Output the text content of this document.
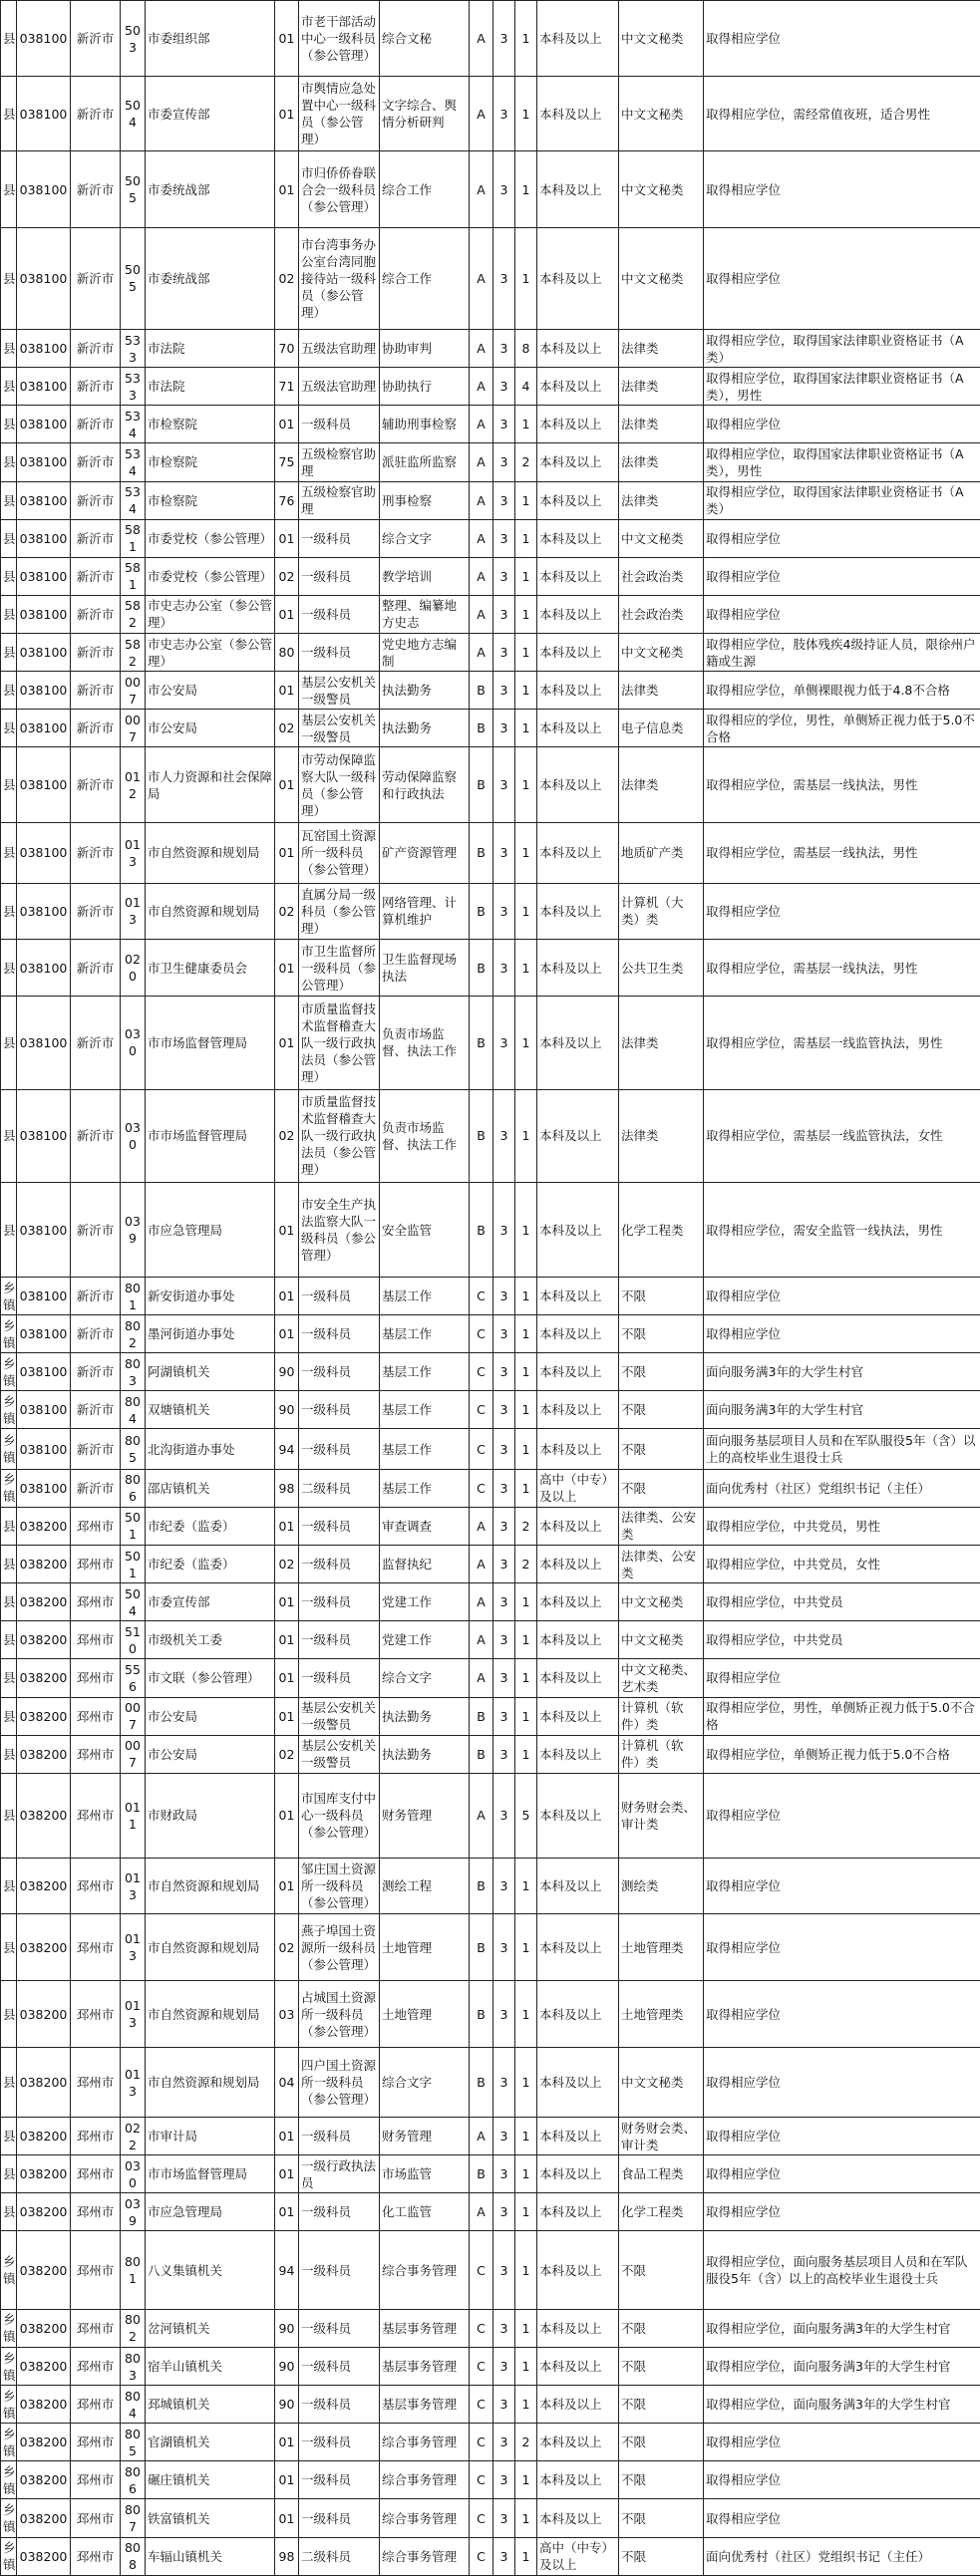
县	038100	新沂市	503	市委组织部	01	市老干部活动中心一级科员（参公管理）	综合文秘	A	3	1	本科及以上	中文文秘类	取得相应学位
县	038100	新沂市	504	市委宣传部	01	市舆情应急处置中心一级科员（参公管理）	文字综合、舆情分析研判	A	3	1	本科及以上	中文文秘类	取得相应学位，需经常值夜班，适合男性
县	038100	新沂市	505	市委统战部	01	市归侨侨眷联合会一级科员（参公管理）	综合工作	A	3	1	本科及以上	中文文秘类	取得相应学位
县	038100	新沂市	505	市委统战部	02	市台湾事务办公室台湾同胞接待站一级科员（参公管理）	综合工作	A	3	1	本科及以上	中文文秘类	取得相应学位
县	038100	新沂市	533	市法院	70	五级法官助理	协助审判	A	3	8	本科及以上	法律类	取得相应学位，取得国家法律职业资格证书（A类）
县	038100	新沂市	533	市法院	71	五级法官助理	协助执行	A	3	4	本科及以上	法律类	取得相应学位，取得国家法律职业资格证书（A类），男性
县	038100	新沂市	534	市检察院	01	一级科员	辅助刑事检察	A	3	1	本科及以上	法律类	取得相应学位
县	038100	新沂市	534	市检察院	75	五级检察官助理	派驻监所监察	A	3	2	本科及以上	法律类	取得相应学位，取得国家法律职业资格证书（A类），男性
县	038100	新沂市	534	市检察院	76	五级检察官助理	刑事检察	A	3	1	本科及以上	法律类	取得相应学位，取得国家法律职业资格证书（A类）
县	038100	新沂市	581	市委党校（参公管理）	01	一级科员	综合文字	A	3	1	本科及以上	中文文秘类	取得相应学位
县	038100	新沂市	581	市委党校（参公管理）	02	一级科员	教学培训	A	3	1	本科及以上	社会政治类	取得相应学位
县	038100	新沂市	582	市史志办公室（参公管理）	01	一级科员	整理、编纂地方史志	A	3	1	本科及以上	社会政治类	取得相应学位
县	038100	新沂市	582	市史志办公室（参公管理）	80	一级科员	党史地方志编制	A	3	1	本科及以上	中文文秘类	取得相应学位，肢体残疾4级持证人员，限徐州户籍或生源
县	038100	新沂市	007	市公安局	01	基层公安机关一级警员	执法勤务	B	3	1	本科及以上	法律类	取得相应学位，单侧裸眼视力低于4.8不合格
县	038100	新沂市	007	市公安局	02	基层公安机关一级警员	执法勤务	B	3	1	本科及以上	电子信息类	取得相应的学位，男性，单侧矫正视力低于5.0不合格
县	038100	新沂市	012	市人力资源和社会保障局	01	市劳动保障监察大队一级科员（参公管理）	劳动保障监察和行政执法	B	3	1	本科及以上	法律类	取得相应学位，需基层一线执法，男性
县	038100	新沂市	013	市自然资源和规划局	01	瓦窑国土资源所一级科员（参公管理）	矿产资源管理	B	3	1	本科及以上	地质矿产类	取得相应学位，需基层一线执法，男性
县	038100	新沂市	013	市自然资源和规划局	02	直属分局一级科员（参公管理）	网络管理、计算机维护	B	3	1	本科及以上	计算机（大类）类	取得相应学位
县	038100	新沂市	020	市卫生健康委员会	01	市卫生监督所一级科员（参公管理）	卫生监督现场执法	B	3	1	本科及以上	公共卫生类	取得相应学位，需基层一线执法，男性
县	038100	新沂市	030	市市场监督管理局	01	市质量监督技术监督稽查大队一级行政执法员（参公管理）	负责市场监督、执法工作	B	3	1	本科及以上	法律类	取得相应学位，需基层一线监管执法，男性
县	038100	新沂市	030	市市场监督管理局	02	市质量监督技术监督稽查大队一级行政执法员（参公管理）	负责市场监督、执法工作	B	3	1	本科及以上	法律类	取得相应学位，需基层一线监管执法，女性
县	038100	新沂市	039	市应急管理局	01	市安全生产执法监察大队一级科员（参公管理）	安全监管	B	3	1	本科及以上	化学工程类	取得相应学位，需安全监管一线执法，男性
乡镇	038100	新沂市	801	新安街道办事处	01	一级科员	基层工作	C	3	1	本科及以上	不限	取得相应学位
乡镇	038100	新沂市	802	墨河街道办事处	01	一级科员	基层工作	C	3	1	本科及以上	不限	取得相应学位
乡镇	038100	新沂市	803	阿湖镇机关	90	一级科员	基层工作	C	3	1	本科及以上	不限	面向服务满3年的大学生村官
乡镇	038100	新沂市	804	双塘镇机关	90	一级科员	基层工作	C	3	1	本科及以上	不限	面向服务满3年的大学生村官
乡镇	038100	新沂市	805	北沟街道办事处	94	一级科员	基层工作	C	3	1	本科及以上	不限	面向服务基层项目人员和在军队服役5年（含）以上的高校毕业生退役士兵
乡镇	038100	新沂市	806	邵店镇机关	98	二级科员	基层工作	C	3	1	高中（中专）及以上	不限	面向优秀村（社区）党组织书记（主任）
县	038200	邳州市	501	市纪委（监委）	01	一级科员	审查调查	A	3	2	本科及以上	法律类、公安类	取得相应学位，中共党员，男性
县	038200	邳州市	501	市纪委（监委）	02	一级科员	监督执纪	A	3	2	本科及以上	法律类、公安类	取得相应学位，中共党员，女性
县	038200	邳州市	504	市委宣传部	01	一级科员	党建工作	A	3	1	本科及以上	中文文秘类	取得相应学位，中共党员
县	038200	邳州市	510	市级机关工委	01	一级科员	党建工作	A	3	1	本科及以上	中文文秘类	取得相应学位，中共党员
县	038200	邳州市	556	市文联（参公管理）	01	一级科员	综合文字	A	3	1	本科及以上	中文文秘类、艺术类	取得相应学位
县	038200	邳州市	007	市公安局	01	基层公安机关一级警员	执法勤务	B	3	1	本科及以上	计算机（软件）类	取得相应学位，男性，单侧矫正视力低于5.0不合格
县	038200	邳州市	007	市公安局	02	基层公安机关一级警员	执法勤务	B	3	1	本科及以上	计算机（软件）类	取得相应学位，单侧矫正视力低于5.0不合格
县	038200	邳州市	011	市财政局	01	市国库支付中心一级科员（参公管理）	财务管理	A	3	5	本科及以上	财务财会类、审计类	取得相应学位
县	038200	邳州市	013	市自然资源和规划局	01	邹庄国土资源所一级科员（参公管理）	测绘工程	B	3	1	本科及以上	测绘类	取得相应学位
县	038200	邳州市	013	市自然资源和规划局	02	燕子埠国土资源所一级科员（参公管理）	土地管理	B	3	1	本科及以上	土地管理类	取得相应学位
县	038200	邳州市	013	市自然资源和规划局	03	占城国土资源所一级科员（参公管理）	土地管理	B	3	1	本科及以上	土地管理类	取得相应学位
县	038200	邳州市	013	市自然资源和规划局	04	四户国土资源所一级科员（参公管理）	综合文字	B	3	1	本科及以上	中文文秘类	取得相应学位
县	038200	邳州市	022	市审计局	01	一级科员	财务管理	A	3	1	本科及以上	财务财会类、审计类	取得相应学位
县	038200	邳州市	030	市市场监督管理局	01	一级行政执法员	市场监管	B	3	1	本科及以上	食品工程类	取得相应学位
县	038200	邳州市	039	市应急管理局	01	一级科员	化工监管	A	3	1	本科及以上	化学工程类	取得相应学位
乡镇	038200	邳州市	801	八义集镇机关	94	一级科员	综合事务管理	C	3	1	本科及以上	不限	取得相应学位，面向服务基层项目人员和在军队服役5年（含）以上的高校毕业生退役士兵
乡镇	038200	邳州市	802	岔河镇机关	90	一级科员	基层事务管理	C	3	1	本科及以上	不限	取得相应学位，面向服务满3年的大学生村官
乡镇	038200	邳州市	803	宿羊山镇机关	90	一级科员	基层事务管理	C	3	1	本科及以上	不限	取得相应学位，面向服务满3年的大学生村官
乡镇	038200	邳州市	804	邳城镇机关	90	一级科员	基层事务管理	C	3	1	本科及以上	不限	取得相应学位，面向服务满3年的大学生村官
乡镇	038200	邳州市	805	官湖镇机关	01	一级科员	综合事务管理	C	3	2	本科及以上	不限	取得相应学位
乡镇	038200	邳州市	806	碾庄镇机关	01	一级科员	综合事务管理	C	3	1	本科及以上	不限	取得相应学位
乡镇	038200	邳州市	807	铁富镇机关	01	一级科员	综合事务管理	C	3	1	本科及以上	不限	取得相应学位
乡镇	038200	邳州市	808	车辐山镇机关	98	二级科员	综合事务管理	C	3	1	高中（中专）及以上	不限	面向优秀村（社区）党组织书记（主任）
